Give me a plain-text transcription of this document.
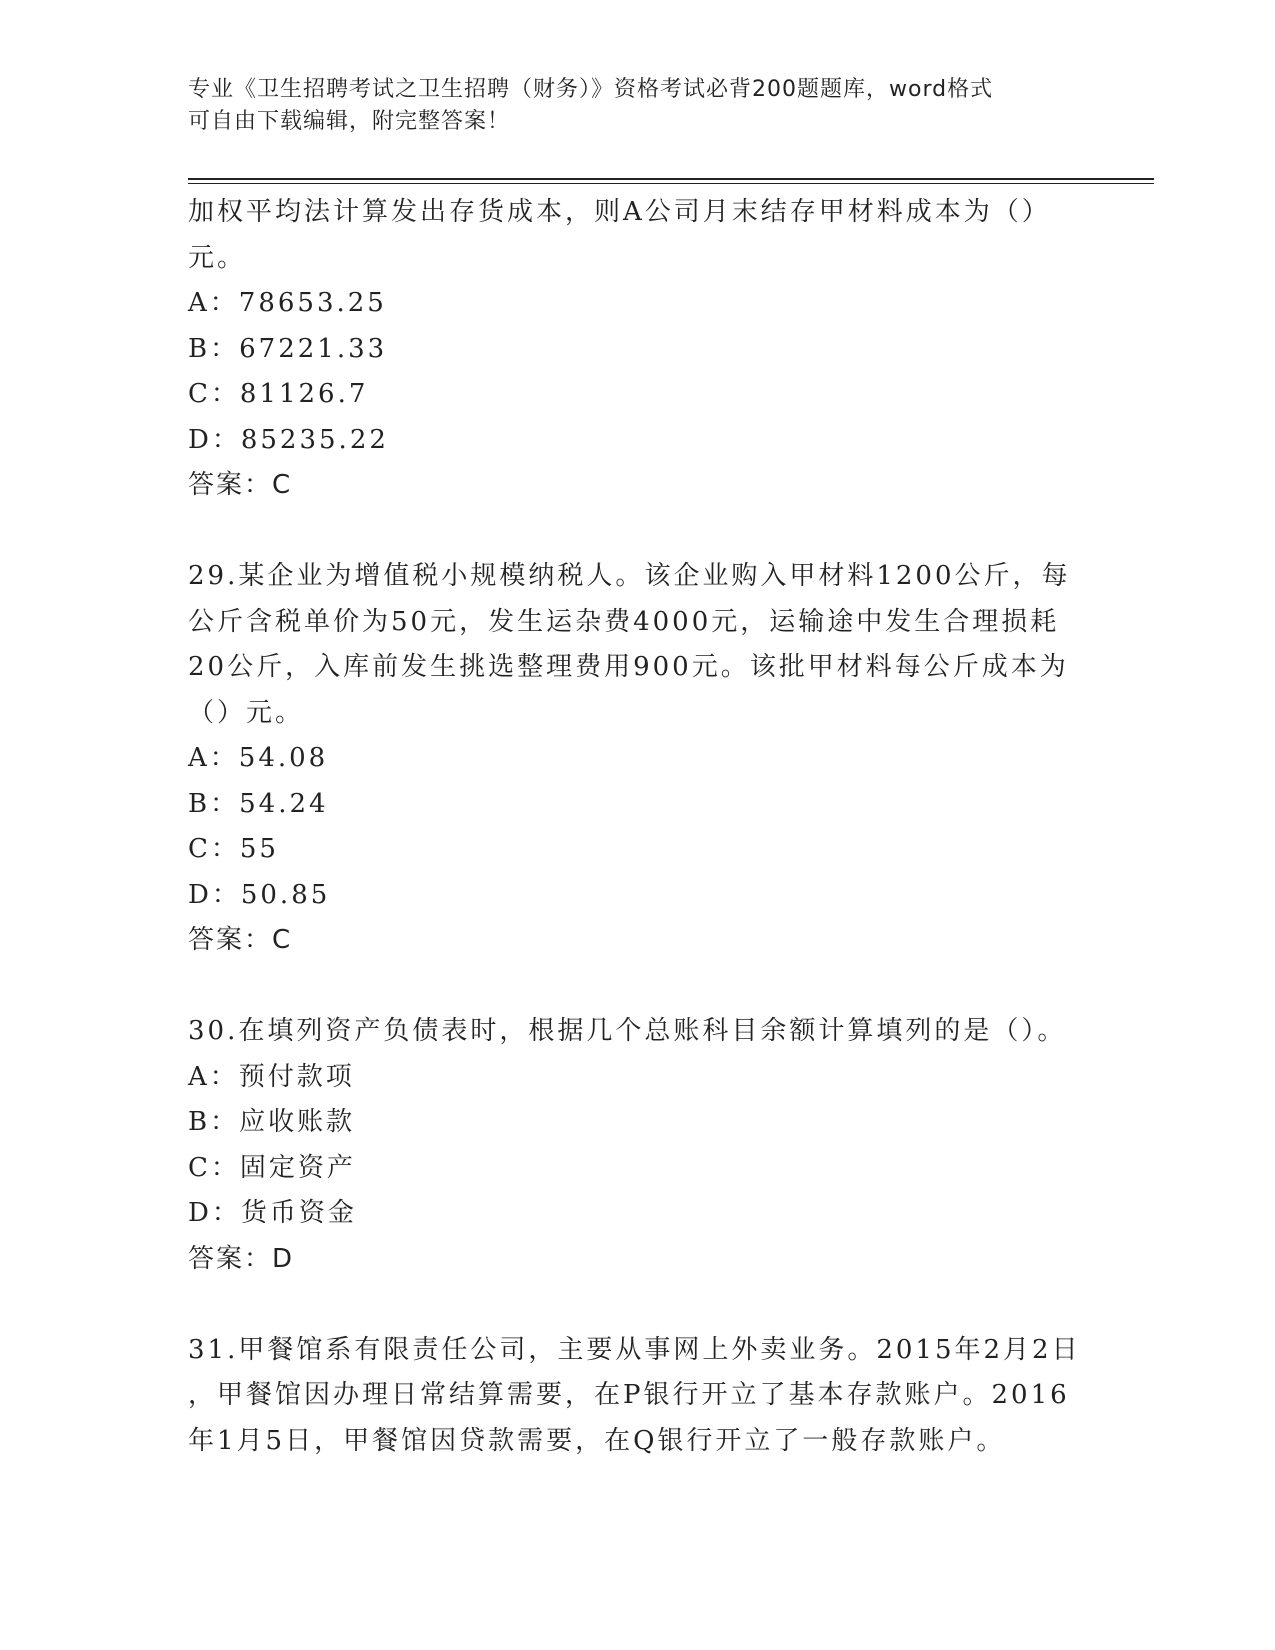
专业《卫生招聘考试之卫生招聘（财务）》资格考试必背200题题库，word格式
可自由下载编辑，附完整答案！
加权平均法计算发出存货成本，则A公司月末结存甲材料成本为（）
元。
A：78653.25
B：67221.33
C：81126.7
D：85235.22
答案：C
29.某企业为增值税小规模纳税人。该企业购入甲材料1200公斤，每
公斤含税单价为50元，发生运杂费4000元，运输途中发生合理损耗
20公斤，入库前发生挑选整理费用900元。该批甲材料每公斤成本为
（）元。
A：54.08
B：54.24
C：55
D：50.85
答案：C
30.在填列资产负债表时，根据几个总账科目余额计算填列的是（）。
A：预付款项
B：应收账款
C：固定资产
D：货币资金
答案：D
31.甲餐馆系有限责任公司，主要从事网上外卖业务。2015年2月2日
，甲餐馆因办理日常结算需要，在P银行开立了基本存款账户。2016
年1月5日，甲餐馆因贷款需要，在Q银行开立了一般存款账户。
